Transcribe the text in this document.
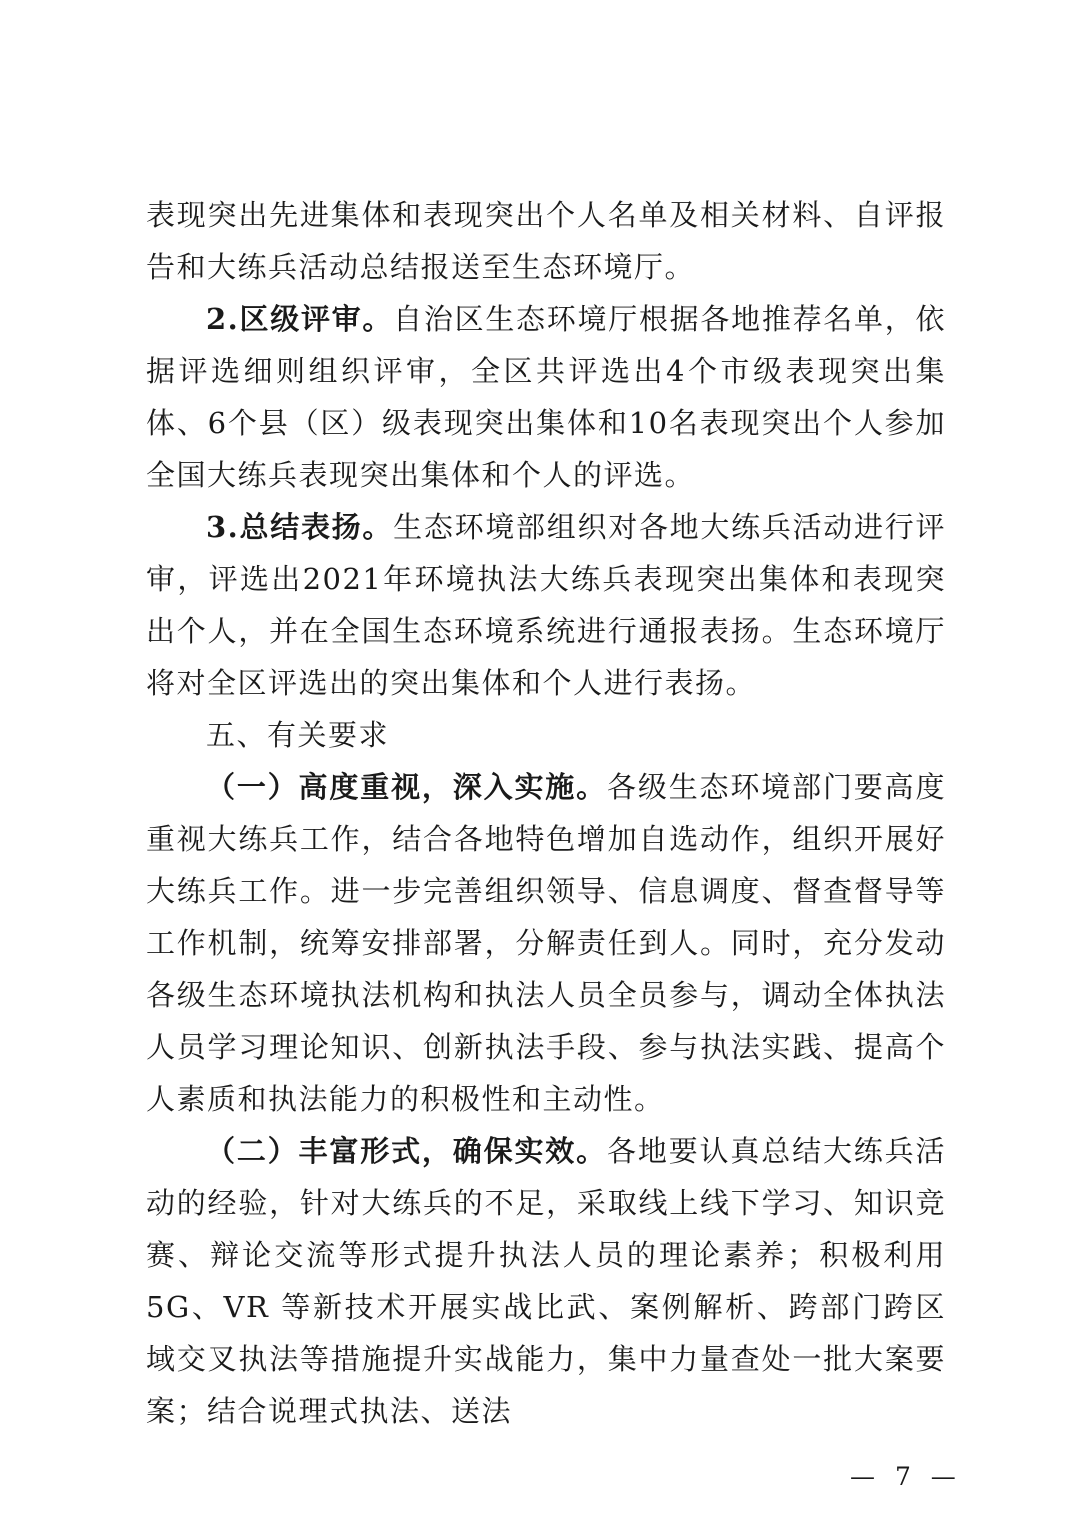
表现突出先进集体和表现突出个人名单及相关材料、自评报告和大练兵活动总结报送至生态环境厅。

2.区级评审。自治区生态环境厅根据各地推荐名单，依据评选细则组织评审，全区共评选出4个市级表现突出集体、6个县（区）级表现突出集体和10名表现突出个人参加全国大练兵表现突出集体和个人的评选。

3.总结表扬。生态环境部组织对各地大练兵活动进行评审，评选出2021年环境执法大练兵表现突出集体和表现突出个人，并在全国生态环境系统进行通报表扬。生态环境厅将对全区评选出的突出集体和个人进行表扬。

五、有关要求

（一）高度重视，深入实施。各级生态环境部门要高度重视大练兵工作，结合各地特色增加自选动作，组织开展好大练兵工作。进一步完善组织领导、信息调度、督查督导等工作机制，统筹安排部署，分解责任到人。同时，充分发动各级生态环境执法机构和执法人员全员参与，调动全体执法人员学习理论知识、创新执法手段、参与执法实践、提高个人素质和执法能力的积极性和主动性。

（二）丰富形式，确保实效。各地要认真总结大练兵活动的经验，针对大练兵的不足，采取线上线下学习、知识竞赛、辩论交流等形式提升执法人员的理论素养；积极利用 5G、VR 等新技术开展实战比武、案例解析、跨部门跨区域交叉执法等措施提升实战能力，集中力量查处一批大案要案；结合说理式执法、送法

— 7 —
